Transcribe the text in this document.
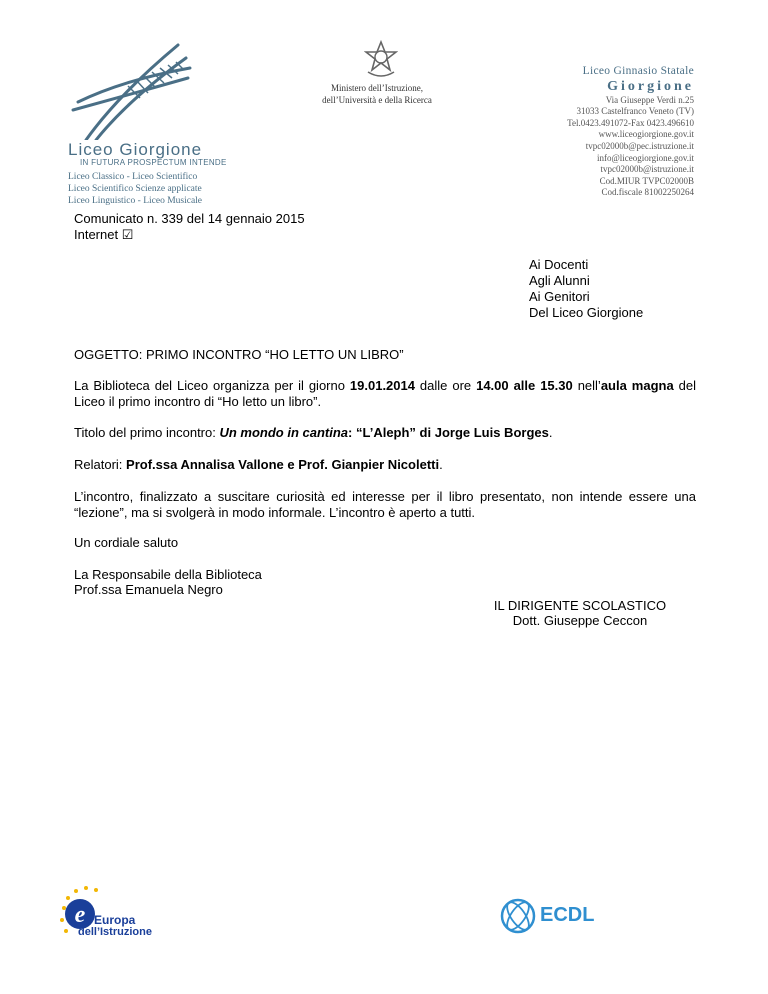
Liceo Giorgione
IN FUTURA PROSPECTUM INTENDE
Liceo Classico - Liceo Scientifico
Liceo Scientifico Scienze applicate
Liceo Linguistico - Liceo Musicale
Ministero dell’Istruzione,
dell’Università e della Ricerca
Liceo Ginnasio Statale
Giorgione
Via Giuseppe Verdi n.25
31033 Castelfranco Veneto (TV)
Tel.0423.491072-Fax 0423.496610
www.liceogiorgione.gov.it
tvpc02000b@pec.istruzione.it
info@liceogiorgione.gov.it
tvpc02000b@istruzione.it
Cod.MIUR TVPC02000B
Cod.fiscale 81002250264
Comunicato n. 339 del 14 gennaio 2015
Internet ☑
Ai Docenti
Agli Alunni
Ai Genitori
Del Liceo Giorgione
OGGETTO: PRIMO INCONTRO “HO LETTO UN LIBRO”
La Biblioteca del Liceo organizza per il giorno 19.01.2014 dalle ore 14.00 alle 15.30 nell’aula magna del Liceo il primo incontro di “Ho letto un libro”.
Titolo del primo incontro: Un mondo in cantina: “L’Aleph” di Jorge Luis Borges.
Relatori: Prof.ssa Annalisa Vallone e Prof. Gianpier Nicoletti.
L’incontro, finalizzato a suscitare curiosità ed interesse per il libro presentato, non intende essere una “lezione”, ma si svolgerà in modo informale. L’incontro è aperto a tutti.
Un cordiale saluto
La Responsabile della Biblioteca
Prof.ssa Emanuela Negro
IL DIRIGENTE SCOLASTICO
Dott. Giuseppe Ceccon
e Europa
dell’Istruzione
ECDL
